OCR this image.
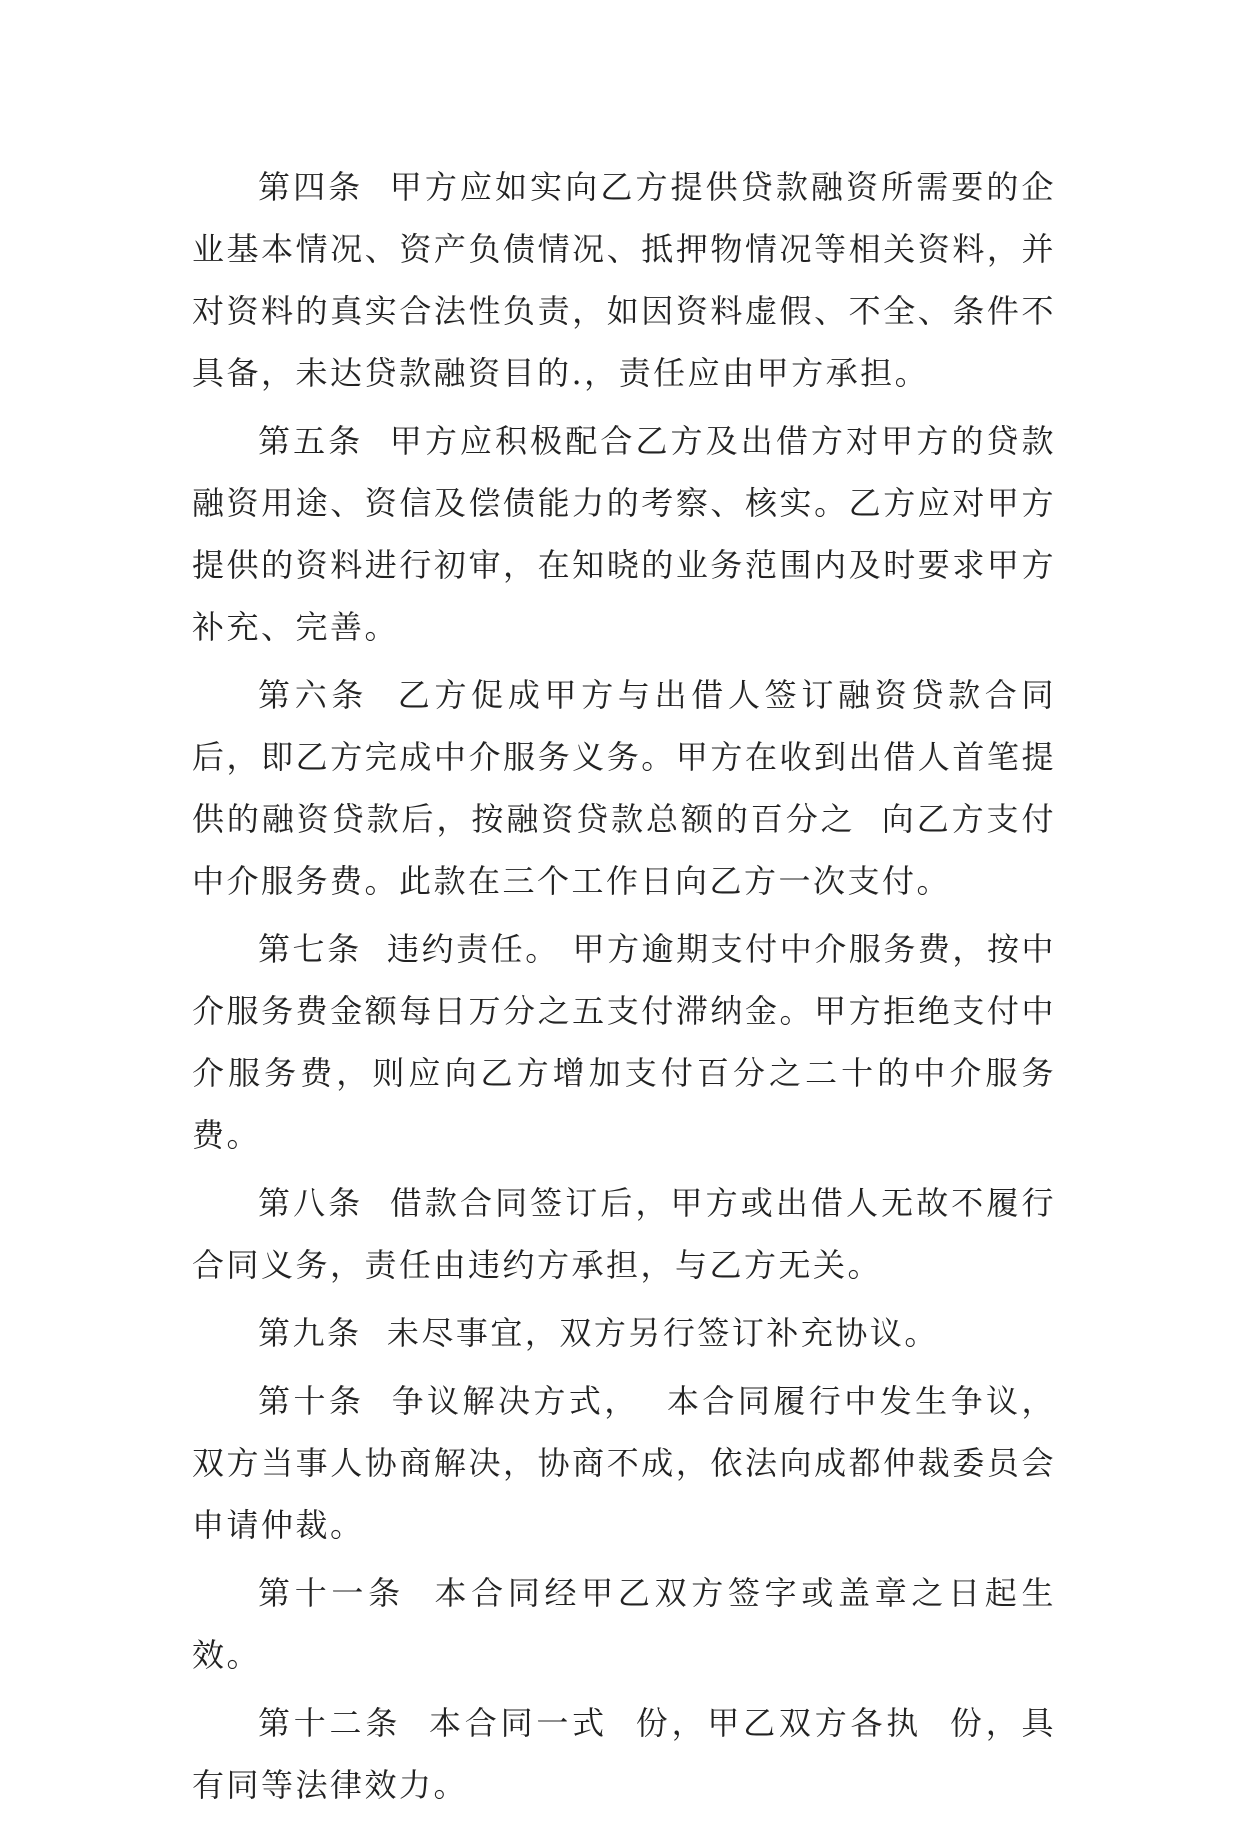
第四条  甲方应如实向乙方提供贷款融资所需要的企业基本情况、资产负债情况、抵押物情况等相关资料，并对资料的真实合法性负责，如因资料虚假、不全、条件不具备，未达贷款融资目的.，责任应由甲方承担。

第五条  甲方应积极配合乙方及出借方对甲方的贷款融资用途、资信及偿债能力的考察、核实。乙方应对甲方提供的资料进行初审，在知晓的业务范围内及时要求甲方补充、完善。

第六条  乙方促成甲方与出借人签订融资贷款合同后，即乙方完成中介服务义务。甲方在收到出借人首笔提供的融资贷款后，按融资贷款总额的百分之  向乙方支付中介服务费。此款在三个工作日向乙方一次支付。

第七条  违约责任。 甲方逾期支付中介服务费，按中介服务费金额每日万分之五支付滞纳金。甲方拒绝支付中介服务费，则应向乙方增加支付百分之二十的中介服务费。

第八条  借款合同签订后，甲方或出借人无故不履行合同义务，责任由违约方承担，与乙方无关。

第九条  未尽事宜，双方另行签订补充协议。

第十条  争议解决方式，  本合同履行中发生争议，双方当事人协商解决，协商不成，依法向成都仲裁委员会申请仲裁。

第十一条  本合同经甲乙双方签字或盖章之日起生效。

第十二条  本合同一式  份，甲乙双方各执  份，具有同等法律效力。
